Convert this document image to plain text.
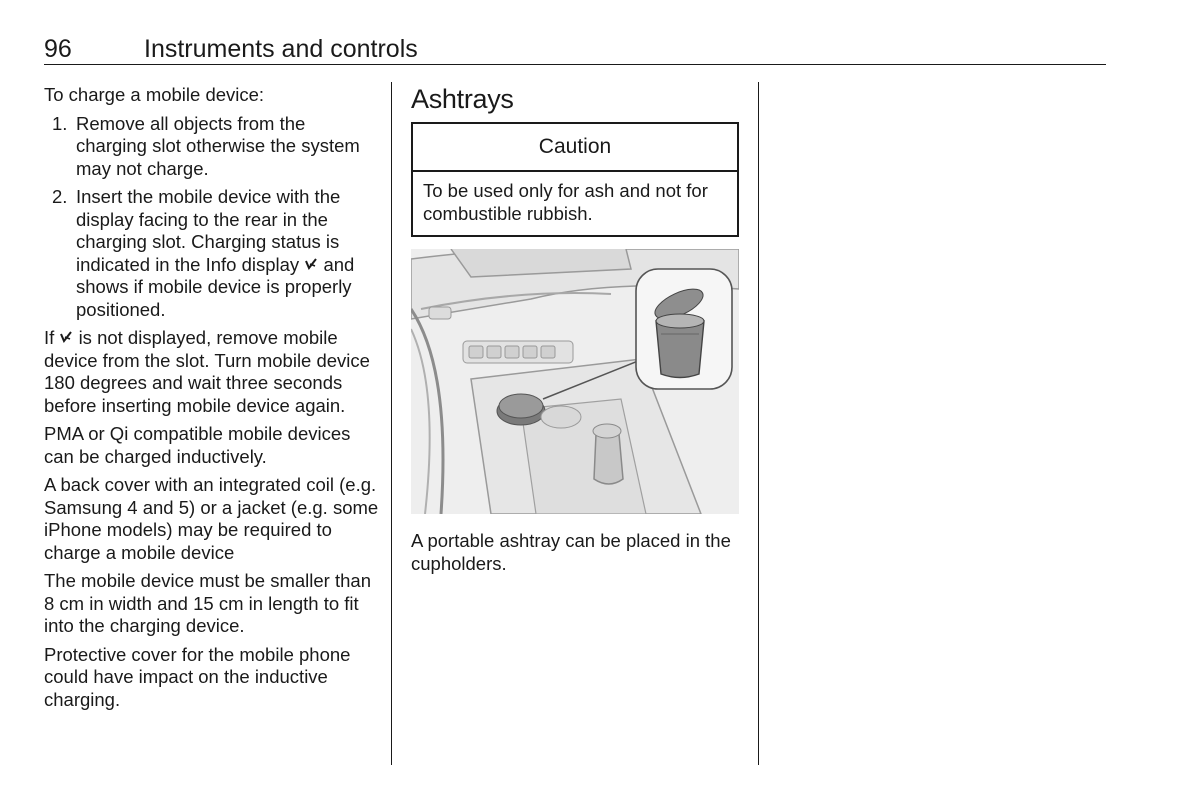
96	Instruments and controls

To charge a mobile device:

1. Remove all objects from the charging slot otherwise the system may not charge.
2. Insert the mobile device with the display facing to the rear in the charging slot. Charging status is indicated in the Info display and shows if mobile device is properly positioned.

If is not displayed, remove mobile device from the slot. Turn mobile device 180 degrees and wait three seconds before inserting mobile device again.

PMA or Qi compatible mobile devices can be charged inductively.

A back cover with an integrated coil (e.g. Samsung 4 and 5) or a jacket (e.g. some iPhone models) may be required to charge a mobile device

The mobile device must be smaller than 8 cm in width and 15 cm in length to fit into the charging device.

Protective cover for the mobile phone could have impact on the inductive charging.

Ashtrays
Caution
To be used only for ash and not for combustible rubbish.

A portable ashtray can be placed in the cupholders.
